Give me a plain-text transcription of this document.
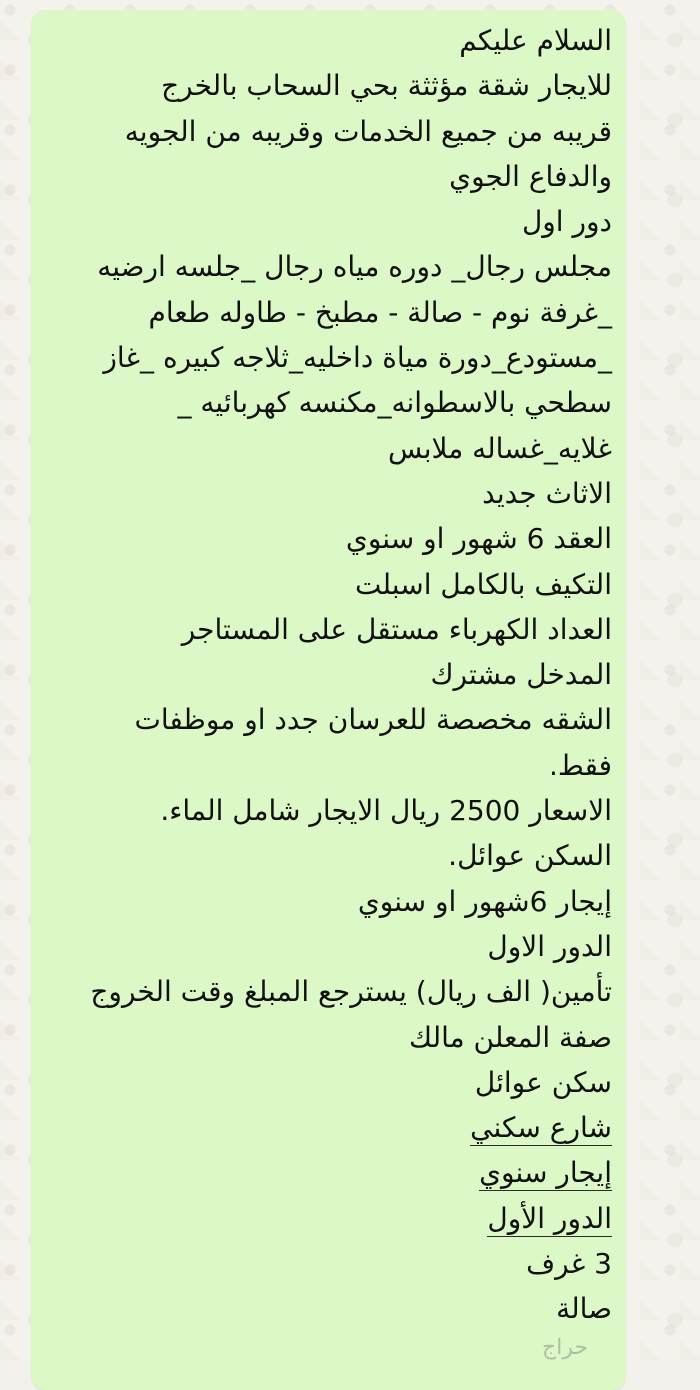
السلام عليكم
للايجار شقة مؤثثة بحي السحاب بالخرج
قريبه من جميع الخدمات وقريبه من الجويه
والدفاع الجوي
دور اول
مجلس رجال_ دوره مياه رجال _جلسه ارضيه
_غرفة نوم - صالة - مطبخ - طاوله طعام
_مستودع_دورة مياة داخليه_ثلاجه كبيره _غاز
سطحي بالاسطوانه_مكنسه كهربائيه _
غلايه_غساله ملابس
الاثاث جديد
العقد 6 شهور او سنوي
التكيف بالكامل اسبلت
العداد الكهرباء مستقل على المستاجر
المدخل مشترك
الشقه مخصصة للعرسان جدد او موظفات
فقط.
الاسعار 2500 ريال الايجار شامل الماء.
السكن عوائل.
إيجار 6شهور او سنوي
الدور الاول
تأمين( الف ريال) يسترجع المبلغ وقت الخروج
صفة المعلن مالك
سكن عوائل
شارع سكني
إيجار سنوي
الدور الأول
3 غرف
صالة
حراج
